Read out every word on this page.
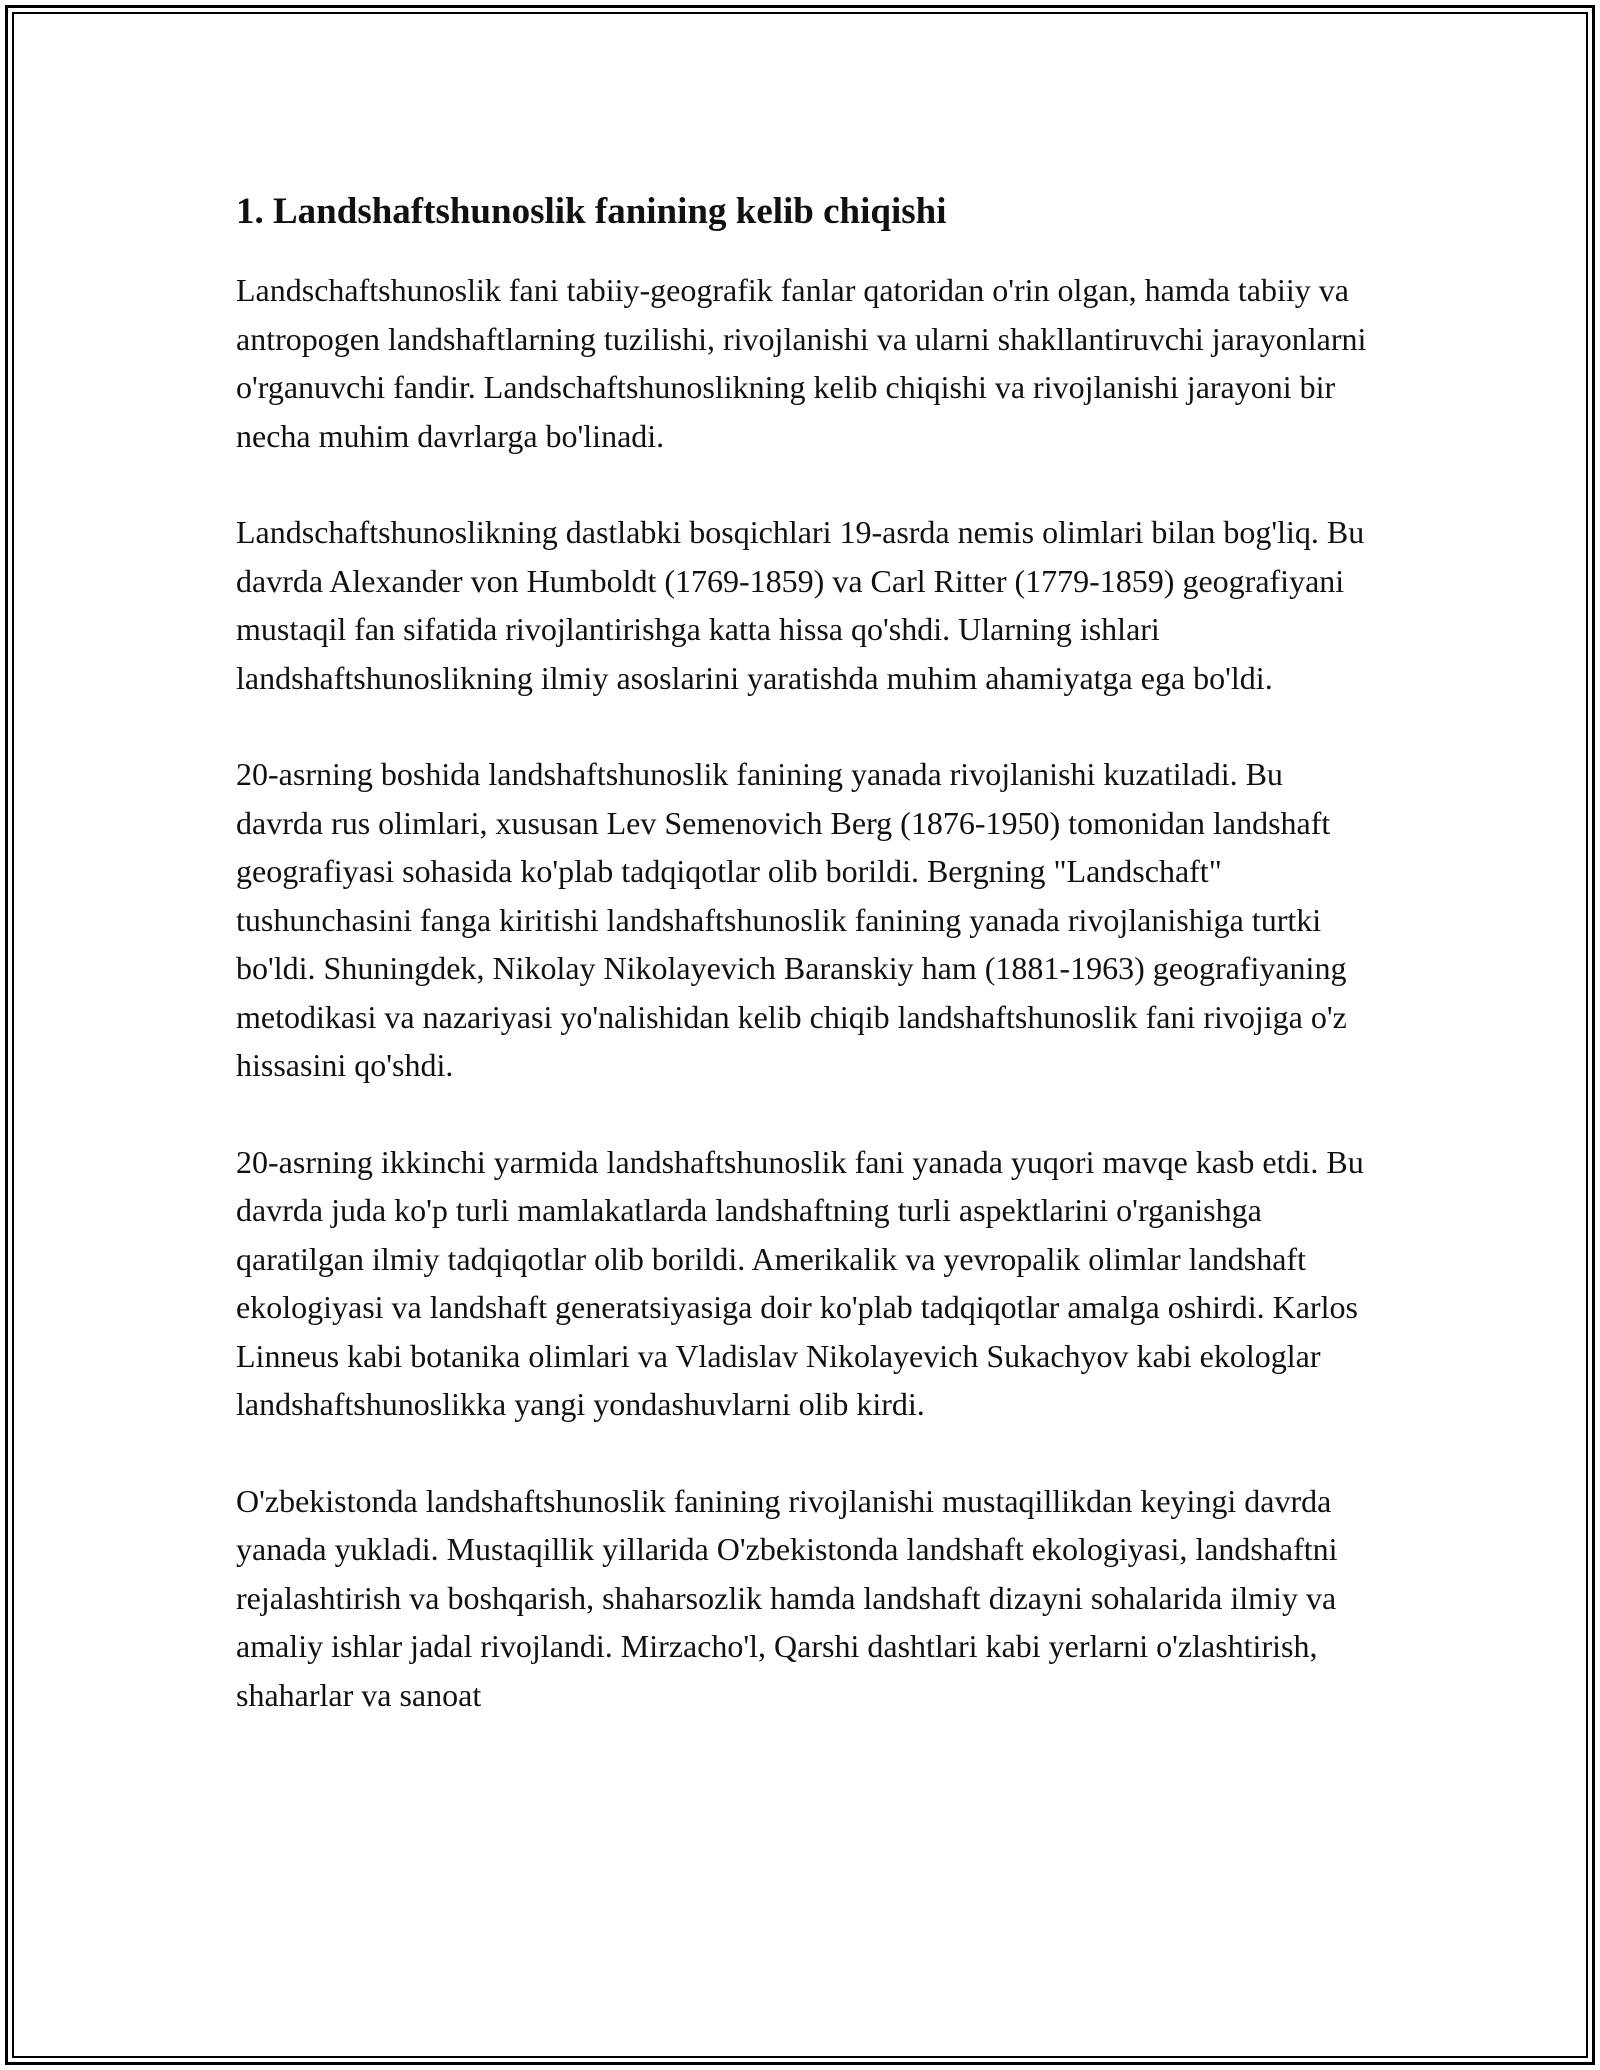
1. Landshaftshunoslik fanining kelib chiqishi

Landschaftshunoslik fani tabiiy-geografik fanlar qatoridan o'rin olgan, hamda tabiiy va antropogen landshaftlarning tuzilishi, rivojlanishi va ularni shakllantiruvchi jarayonlarni o'rganuvchi fandir. Landschaftshunoslikning kelib chiqishi va rivojlanishi jarayoni bir necha muhim davrlarga bo'linadi.

Landschaftshunoslikning dastlabki bosqichlari 19-asrda nemis olimlari bilan bog'liq. Bu davrda Alexander von Humboldt (1769-1859) va Carl Ritter (1779-1859) geografiyani mustaqil fan sifatida rivojlantirishga katta hissa qo'shdi. Ularning ishlari landshaftshunoslikning ilmiy asoslarini yaratishda muhim ahamiyatga ega bo'ldi.

20-asrning boshida landshaftshunoslik fanining yanada rivojlanishi kuzatiladi. Bu davrda rus olimlari, xususan Lev Semenovich Berg (1876-1950) tomonidan landshaft geografiyasi sohasida ko'plab tadqiqotlar olib borildi. Bergning "Landschaft" tushunchasini fanga kiritishi landshaftshunoslik fanining yanada rivojlanishiga turtki bo'ldi. Shuningdek, Nikolay Nikolayevich Baranskiy ham (1881-1963) geografiyaning metodikasi va nazariyasi yo'nalishidan kelib chiqib landshaftshunoslik fani rivojiga o'z hissasini qo'shdi.

20-asrning ikkinchi yarmida landshaftshunoslik fani yanada yuqori mavqe kasb etdi. Bu davrda juda ko'p turli mamlakatlarda landshaftning turli aspektlarini o'rganishga qaratilgan ilmiy tadqiqotlar olib borildi. Amerikalik va yevropalik olimlar landshaft ekologiyasi va landshaft generatsiyasiga doir ko'plab tadqiqotlar amalga oshirdi. Karlos Linneus kabi botanika olimlari va Vladislav Nikolayevich Sukachyov kabi ekologlar landshaftshunoslikka yangi yondashuvlarni olib kirdi.

O'zbekistonda landshaftshunoslik fanining rivojlanishi mustaqillikdan keyingi davrda yanada yukladi. Mustaqillik yillarida O'zbekistonda landshaft ekologiyasi, landshaftni rejalashtirish va boshqarish, shaharsozlik hamda landshaft dizayni sohalarida ilmiy va amaliy ishlar jadal rivojlandi. Mirzacho'l, Qarshi dashtlari kabi yerlarni o'zlashtirish, shaharlar va sanoat
